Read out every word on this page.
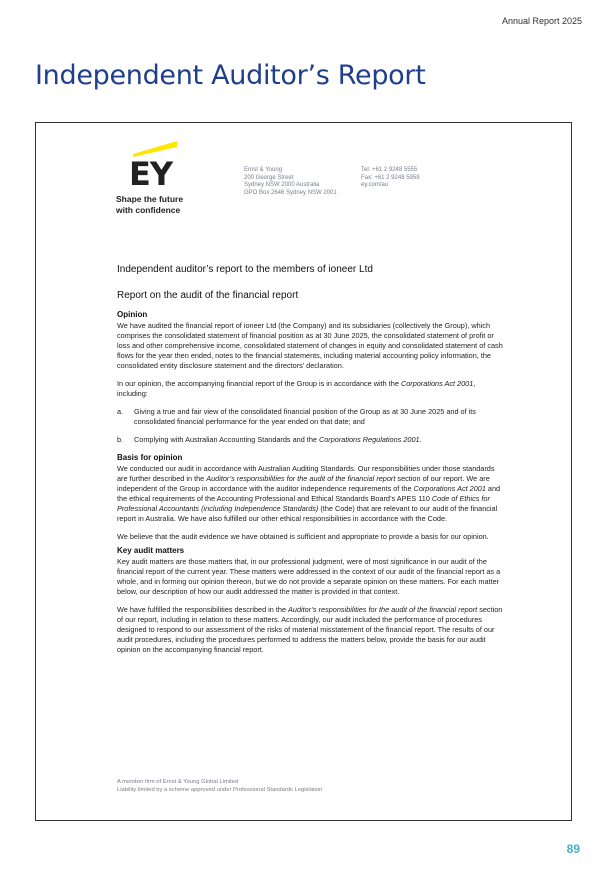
Annual Report 2025
Independent Auditor’s Report
EY
Shape the future
with confidence
Ernst & Young
200 George Street
Sydney NSW 2000 Australia
GPO Box 2646 Sydney NSW 2001
Tel: +61 2 9248 5555
Fax: +61 2 9248 5959
ey.com/au
Independent auditor’s report to the members of ioneer Ltd
Report on the audit of the financial report
Opinion
We have audited the financial report of ioneer Ltd (the Company) and its subsidiaries (collectively the Group), which comprises the consolidated statement of financial position as at 30 June 2025, the consolidated statement of profit or loss and other comprehensive income, consolidated statement of changes in equity and consolidated statement of cash flows for the year then ended, notes to the financial statements, including material accounting policy information, the consolidated entity disclosure statement and the directors’ declaration.
In our opinion, the accompanying financial report of the Group is in accordance with the Corporations Act 2001, including:
a.	Giving a true and fair view of the consolidated financial position of the Group as at 30 June 2025 and of its consolidated financial performance for the year ended on that date; and
b.	Complying with Australian Accounting Standards and the Corporations Regulations 2001.
Basis for opinion
We conducted our audit in accordance with Australian Auditing Standards. Our responsibilities under those standards are further described in the Auditor’s responsibilities for the audit of the financial report section of our report. We are independent of the Group in accordance with the auditor independence requirements of the Corporations Act 2001 and the ethical requirements of the Accounting Professional and Ethical Standards Board’s APES 110 Code of Ethics for Professional Accountants (including Independence Standards) (the Code) that are relevant to our audit of the financial report in Australia. We have also fulfilled our other ethical responsibilities in accordance with the Code.
We believe that the audit evidence we have obtained is sufficient and appropriate to provide a basis for our opinion.
Key audit matters
Key audit matters are those matters that, in our professional judgment, were of most significance in our audit of the financial report of the current year. These matters were addressed in the context of our audit of the financial report as a whole, and in forming our opinion thereon, but we do not provide a separate opinion on these matters. For each matter below, our description of how our audit addressed the matter is provided in that context.
We have fulfilled the responsibilities described in the Auditor’s responsibilities for the audit of the financial report section of our report, including in relation to these matters. Accordingly, our audit included the performance of procedures designed to respond to our assessment of the risks of material misstatement of the financial report. The results of our audit procedures, including the procedures performed to address the matters below, provide the basis for our audit opinion on the accompanying financial report.
A member firm of Ernst & Young Global Limited
Liability limited by a scheme approved under Professional Standards Legislation
89
